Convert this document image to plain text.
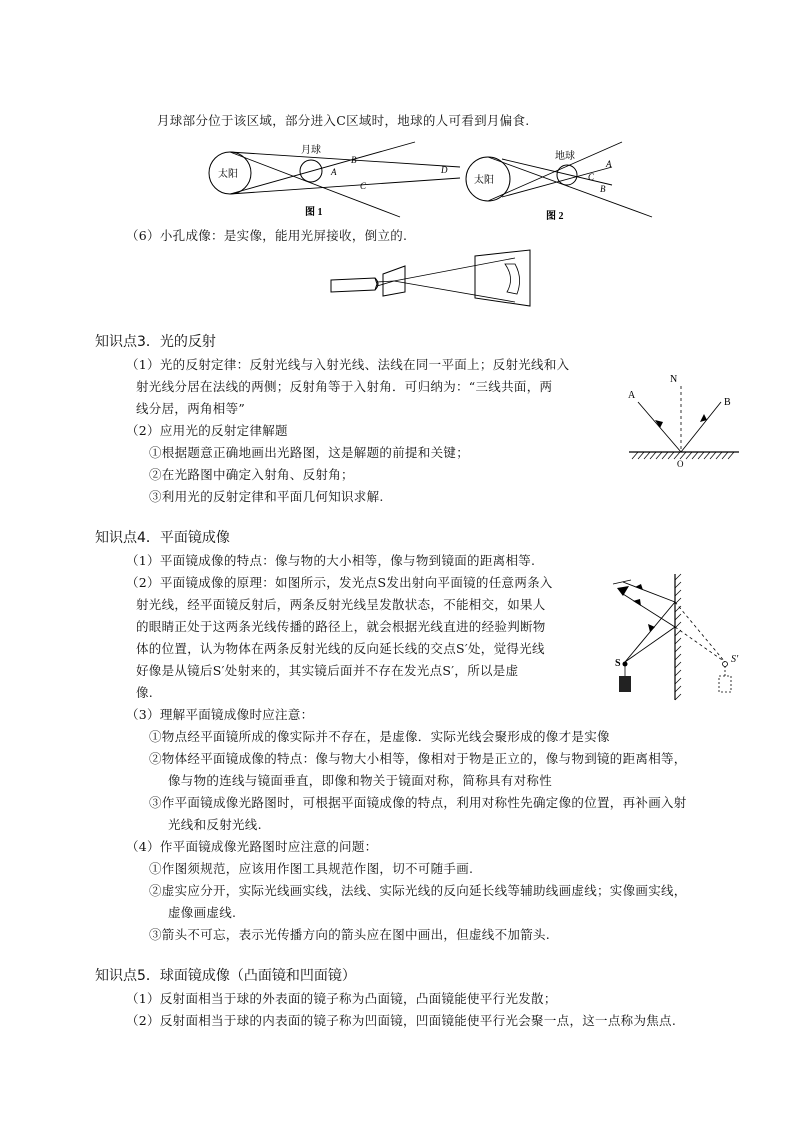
月球部分位于该区域，部分进入C区域时，地球的人可看到月偏食.
太阳
月球
B
A
C
D
图 1
太阳
地球
A
C
B
图 2
（6）小孔成像：是实像，能用光屏接收，倒立的.
知识点3．光的反射
（1）光的反射定律：反射光线与入射光线、法线在同一平面上；反射光线和入
射光线分居在法线的两侧；反射角等于入射角．可归纳为：“三线共面，两
线分居，两角相等”
（2）应用光的反射定律解题
①根据题意正确地画出光路图，这是解题的前提和关键；
②在光路图中确定入射角、反射角；
③利用光的反射定律和平面几何知识求解.
A
B
N
O
知识点4．平面镜成像
（1）平面镜成像的特点：像与物的大小相等，像与物到镜面的距离相等.
（2）平面镜成像的原理：如图所示，发光点S发出射向平面镜的任意两条入
射光线，经平面镜反射后，两条反射光线呈发散状态，不能相交，如果人
的眼睛正处于这两条光线传播的路径上，就会根据光线直进的经验判断物
体的位置，认为物体在两条反射光线的反向延长线的交点S′处，觉得光线
好像是从镜后S′处射来的，其实镜后面并不存在发光点S′，所以是虚
像.
（3）理解平面镜成像时应注意：
①物点经平面镜所成的像实际并不存在，是虚像．实际光线会聚形成的像才是实像
②物体经平面镜成像的特点：像与物大小相等，像相对于物是正立的，像与物到镜的距离相等，
像与物的连线与镜面垂直，即像和物关于镜面对称，简称具有对称性
③作平面镜成像光路图时，可根据平面镜成像的特点，利用对称性先确定像的位置，再补画入射
光线和反射光线.
（4）作平面镜成像光路图时应注意的问题：
①作图须规范，应该用作图工具规范作图，切不可随手画.
②虚实应分开，实际光线画实线，法线、实际光线的反向延长线等辅助线画虚线；实像画实线，
虚像画虚线.
③箭头不可忘，表示光传播方向的箭头应在图中画出，但虚线不加箭头.
S	S′
知识点5．球面镜成像（凸面镜和凹面镜）
（1）反射面相当于球的外表面的镜子称为凸面镜，凸面镜能使平行光发散；
（2）反射面相当于球的内表面的镜子称为凹面镜，凹面镜能使平行光会聚一点，这一点称为焦点.
